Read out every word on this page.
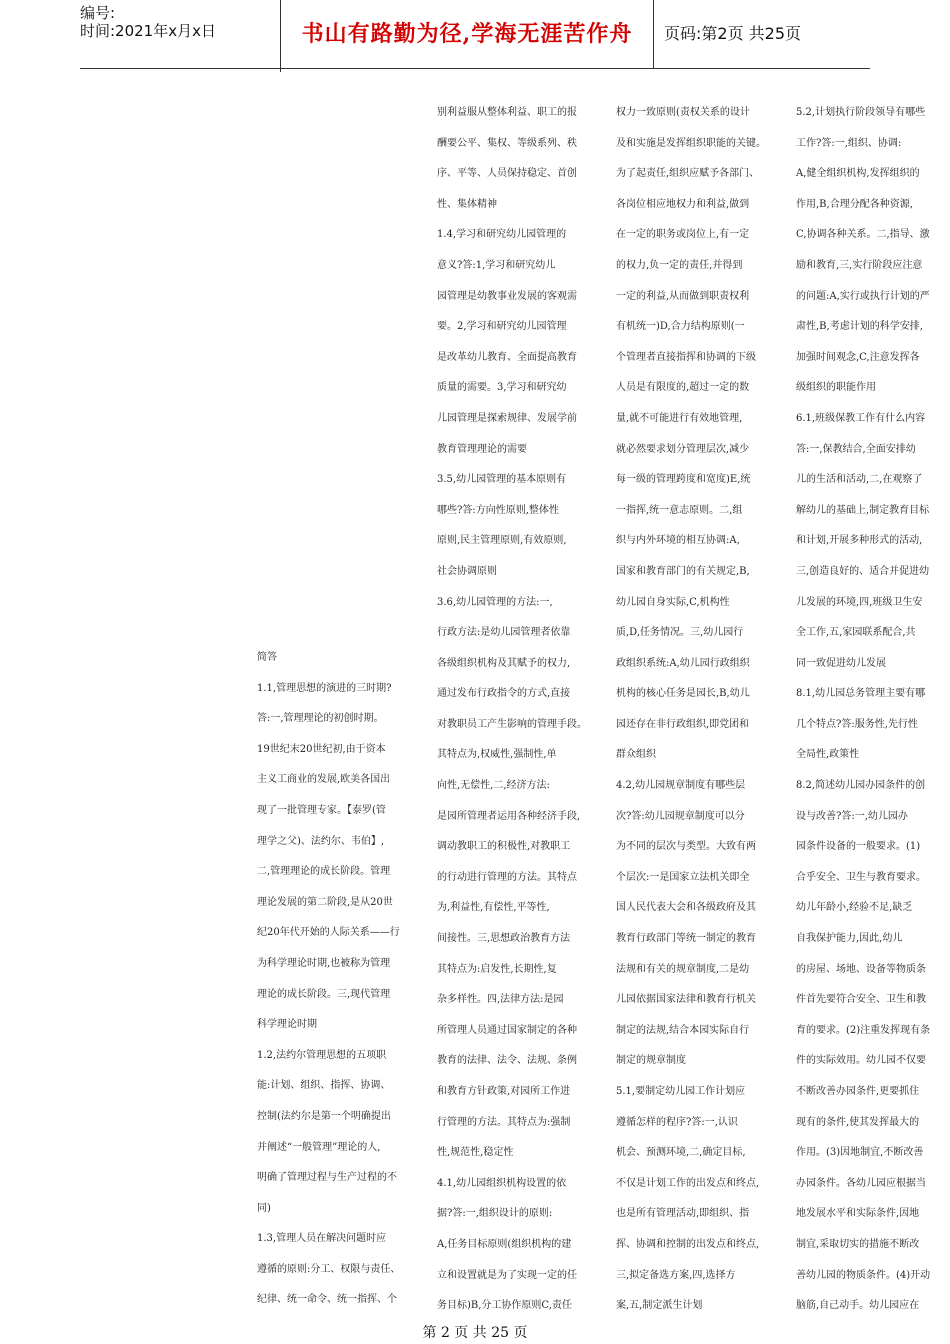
编号:
时间:2021年x月x日	书山有路勤为径,学海无涯苦作舟	页码:第2页 共25页
简答
1.1,管理思想的演进的三时期?
答:一,管理理论的初创时期。
19世纪末20世纪初,由于资本
主义工商业的发展,欧美各国出
现了一批管理专家。【泰罗(管
理学之父)、法约尔、韦伯】,
二,管理理论的成长阶段。管理
理论发展的第二阶段,是从20世
纪20年代开始的人际关系——行
为科学理论时期,也被称为管理
理论的成长阶段。三,现代管理
科学理论时期
1.2,法约尔管理思想的五项职
能:计划、组织、指挥、协调、
控制(法约尔是第一个明确提出
并阐述“一般管理”理论的人,
明确了管理过程与生产过程的不
同)
1.3,管理人员在解决问题时应
遵循的原则:分工、权限与责任、
纪律、统一命令、统一指挥、个
别利益服从整体利益、职工的报
酬要公平、集权、等级系列、秩
序、平等、人员保持稳定、首创
性、集体精神
1.4,学习和研究幼儿园管理的
意义?答:1,学习和研究幼儿
园管理是幼教事业发展的客观需
要。2,学习和研究幼儿园管理
是改革幼儿教育、全面提高教育
质量的需要。3,学习和研究幼
儿园管理是探索规律、发展学前
教育管理理论的需要
3.5,幼儿园管理的基本原则有
哪些?答:方向性原则,整体性
原则,民主管理原则,有效原则,
社会协调原则
3.6,幼儿园管理的方法:一,
行政方法:是幼儿园管理者依靠
各级组织机构及其赋予的权力,
通过发布行政指令的方式,直接
对教职员工产生影响的管理手段。
其特点为,权威性,强制性,单
向性,无偿性,二,经济方法:
是园所管理者运用各种经济手段,
调动教职工的积极性,对教职工
的行动进行管理的方法。其特点
为,利益性,有偿性,平等性,
间接性。三,思想政治教育方法
其特点为:启发性,长期性,复
杂多样性。四,法律方法:是园
所管理人员通过国家制定的各种
教育的法律、法令、法规、条例
和教育方针政策,对园所工作进
行管理的方法。其特点为:强制
性,规范性,稳定性
4.1,幼儿园组织机构设置的依
据?答:一,组织设计的原则:
A,任务目标原则(组织机构的建
立和设置就是为了实现一定的任
务目标)B,分工协作原则C,责任
权力一致原则(责权关系的设计
及和实施是发挥组织职能的关键。
为了起责任,组织应赋予各部门、
各岗位相应地权力和利益,做到
在一定的职务或岗位上,有一定
的权力,负一定的责任,并得到
一定的利益,从而做到职责权利
有机统一)D,合力结构原则(一
个管理者直接指挥和协调的下级
人员是有限度的,超过一定的数
量,就不可能进行有效地管理,
就必然要求划分管理层次,减少
每一级的管理跨度和宽度)E,统
一指挥,统一意志原则。二,组
织与内外环境的相互协调:A,
国家和教育部门的有关规定,B,
幼儿园自身实际,C,机构性
质,D,任务情况。三,幼儿园行
政组织系统:A,幼儿园行政组织
机构的核心任务是园长,B,幼儿
园还存在非行政组织,即党团和
群众组织
4.2,幼儿园规章制度有哪些层
次?答:幼儿园规章制度可以分
为不同的层次与类型。大致有两
个层次:一是国家立法机关即全
国人民代表大会和各级政府及其
教育行政部门等统一制定的教育
法规和有关的规章制度,二是幼
儿园依据国家法律和教育行机关
制定的法规,结合本园实际自行
制定的规章制度
5.1,要制定幼儿园工作计划应
遵循怎样的程序?答:一,认识
机会、预测环境,二,确定目标,
不仅是计划工作的出发点和终点,
也是所有管理活动,即组织、指
挥、协调和控制的出发点和终点,
三,拟定备选方案,四,选择方
案,五,制定派生计划
5.2,计划执行阶段领导有哪些
工作?答:一,组织、协调:
A,健全组织机构,发挥组织的
作用,B,合理分配各种资源,
C,协调各种关系。二,指导、激
励和教育,三,实行阶段应注意
的问题:A,实行或执行计划的严
肃性,B,考虑计划的科学安排,
加强时间观念,C,注意发挥各
级组织的职能作用
6.1,班级保教工作有什么内容
答:一,保教结合,全面安排幼
儿的生活和活动,二,在观察了
解幼儿的基础上,制定教育目标
和计划,开展多种形式的活动,
三,创造良好的、适合并促进幼
儿发展的环境,四,班级卫生安
全工作,五,家园联系配合,共
同一致促进幼儿发展
8.1,幼儿园总务管理主要有哪
几个特点?答:服务性,先行性
全局性,政策性
8.2,简述幼儿园办园条件的创
设与改善?答:一,幼儿园办
园条件设备的一般要求。(1)
合乎安全、卫生与教育要求。
幼儿年龄小,经验不足,缺乏
自我保护能力,因此,幼儿
的房屋、场地、设备等物质条
件首先要符合安全、卫生和教
育的要求。(2)注重发挥现有条
件的实际效用。幼儿园不仅要
不断改善办园条件,更要抓住
现有的条件,使其发挥最大的
作用。(3)因地制宜,不断改善
办园条件。各幼儿园应根据当
地发展水平和实际条件,因地
制宜,采取切实的措施不断改
善幼儿园的物质条件。(4)开动
脑筋,自己动手。幼儿园应在
第 2 页 共 25 页
